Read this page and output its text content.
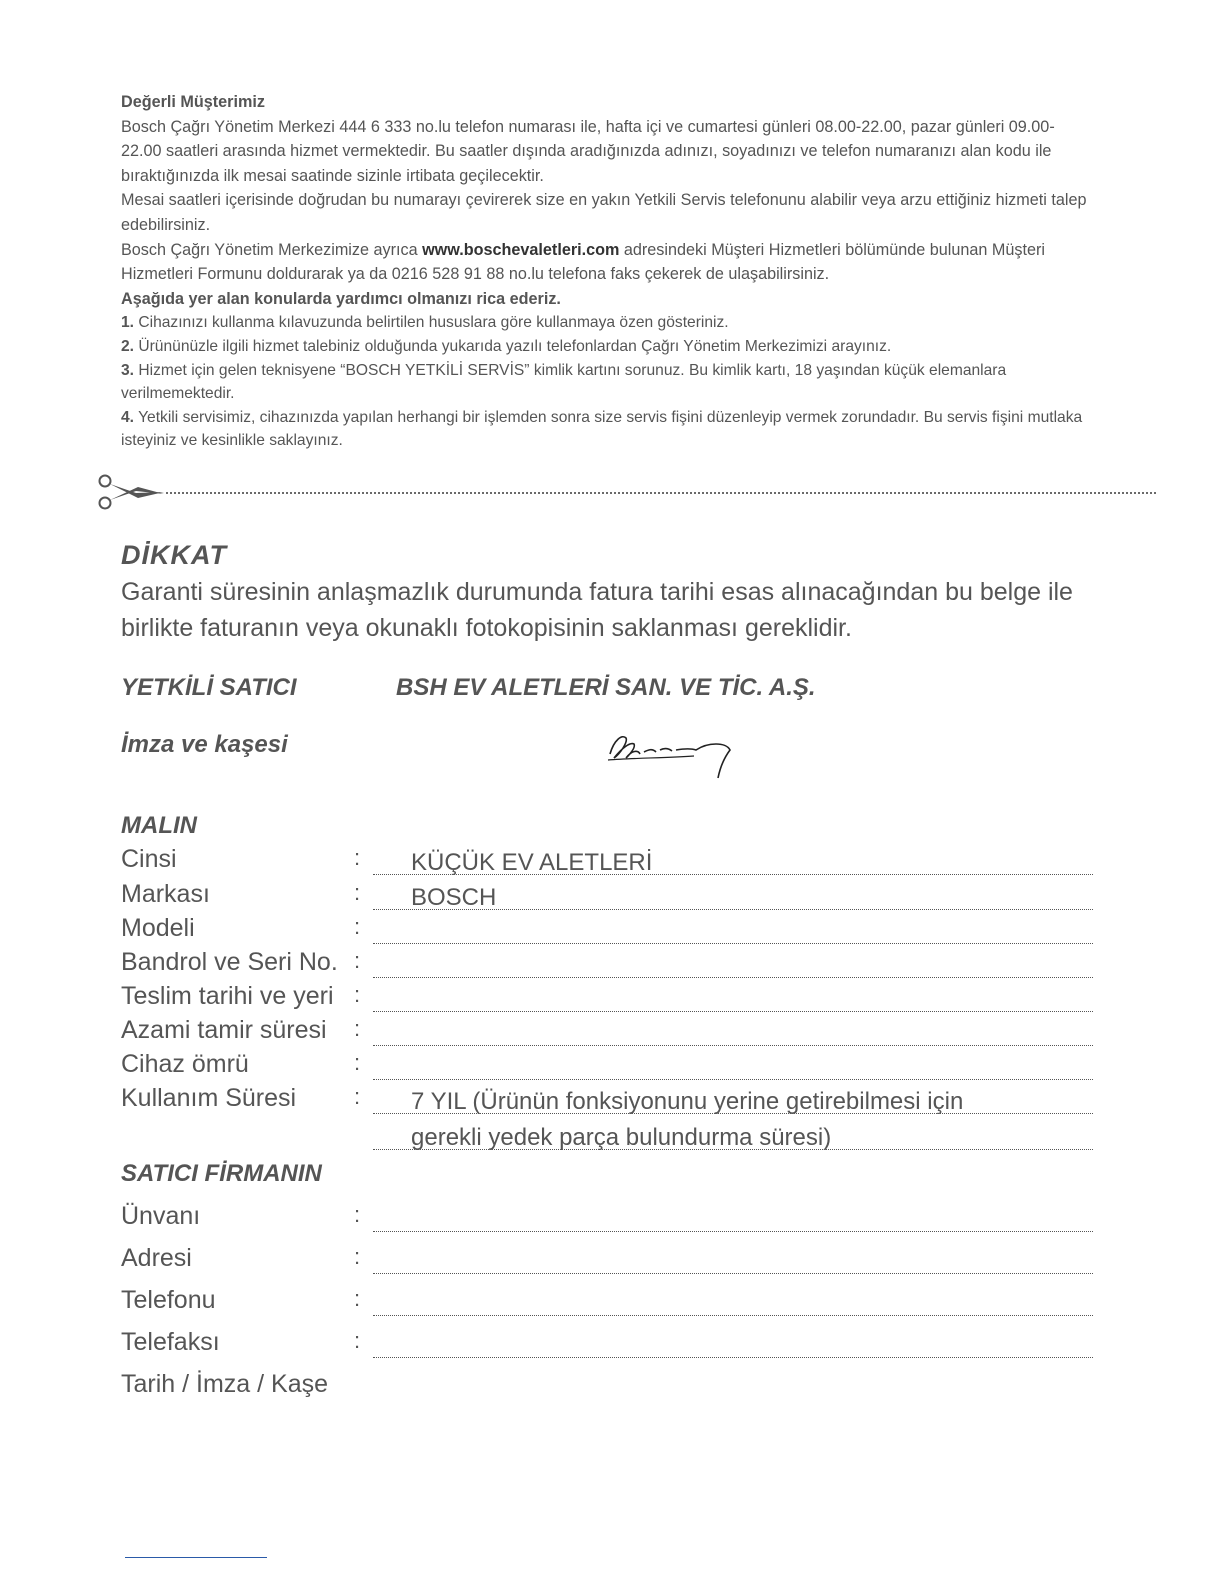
Değerli Müşterimiz

Bosch Çağrı Yönetim Merkezi 444 6 333 no.lu telefon numarası ile, hafta içi ve cumartesi günleri 08.00-22.00, pazar günleri 09.00-22.00 saatleri arasında hizmet vermektedir. Bu saatler dışında aradığınızda adınızı, soyadınızı ve telefon numaranızı alan kodu ile bıraktığınızda ilk mesai saatinde sizinle irtibata geçilecektir.

Mesai saatleri içerisinde doğrudan bu numarayı çevirerek size en yakın Yetkili Servis telefonunu alabilir veya arzu ettiğiniz hizmeti talep edebilirsiniz.

Bosch Çağrı Yönetim Merkezimize ayrıca www.boschevaletleri.com adresindeki Müşteri Hizmetleri bölümünde bulunan Müşteri Hizmetleri Formunu doldurarak ya da 0216 528 91 88 no.lu telefona faks çekerek de ulaşabilirsiniz.

Aşağıda yer alan konularda yardımcı olmanızı rica ederiz.

1. Cihazınızı kullanma kılavuzunda belirtilen hususlara göre kullanmaya özen gösteriniz.

2. Ürününüzle ilgili hizmet talebiniz olduğunda yukarıda yazılı telefonlardan Çağrı Yönetim Merkezimizi arayınız.

3. Hizmet için gelen teknisyene “BOSCH YETKİLİ SERVİS” kimlik kartını sorunuz. Bu kimlik kartı, 18 yaşından küçük elemanlara verilmemektedir.

4. Yetkili servisimiz, cihazınızda yapılan herhangi bir işlemden sonra size servis fişini düzenleyip vermek zorundadır. Bu servis fişini mutlaka isteyiniz ve kesinlikle saklayınız.

DİKKAT
Garanti süresinin anlaşmazlık durumunda fatura tarihi esas alınacağından bu belge ile birlikte faturanın veya okunaklı fotokopisinin saklanması gereklidir.
YETKİLİ SATICI	BSH EV ALETLERİ SAN. VE TİC. A.Ş.
İmza ve kaşesi
MALIN
Cinsi	: KÜÇÜK EV ALETLERİ
Markası	: BOSCH
Modeli	:
Bandrol ve Seri No. :
Teslim tarihi ve yeri :
Azami tamir süresi :
Cihaz ömrü	:
Kullanım Süresi	: 7 YIL (Ürünün fonksiyonunu yerine getirebilmesi için
gerekli yedek parça bulundurma süresi)
SATICI FİRMANIN
Ünvanı	:
Adresi	:
Telefonu	:
Telefaksı	:
Tarih / İmza / Kaşe
